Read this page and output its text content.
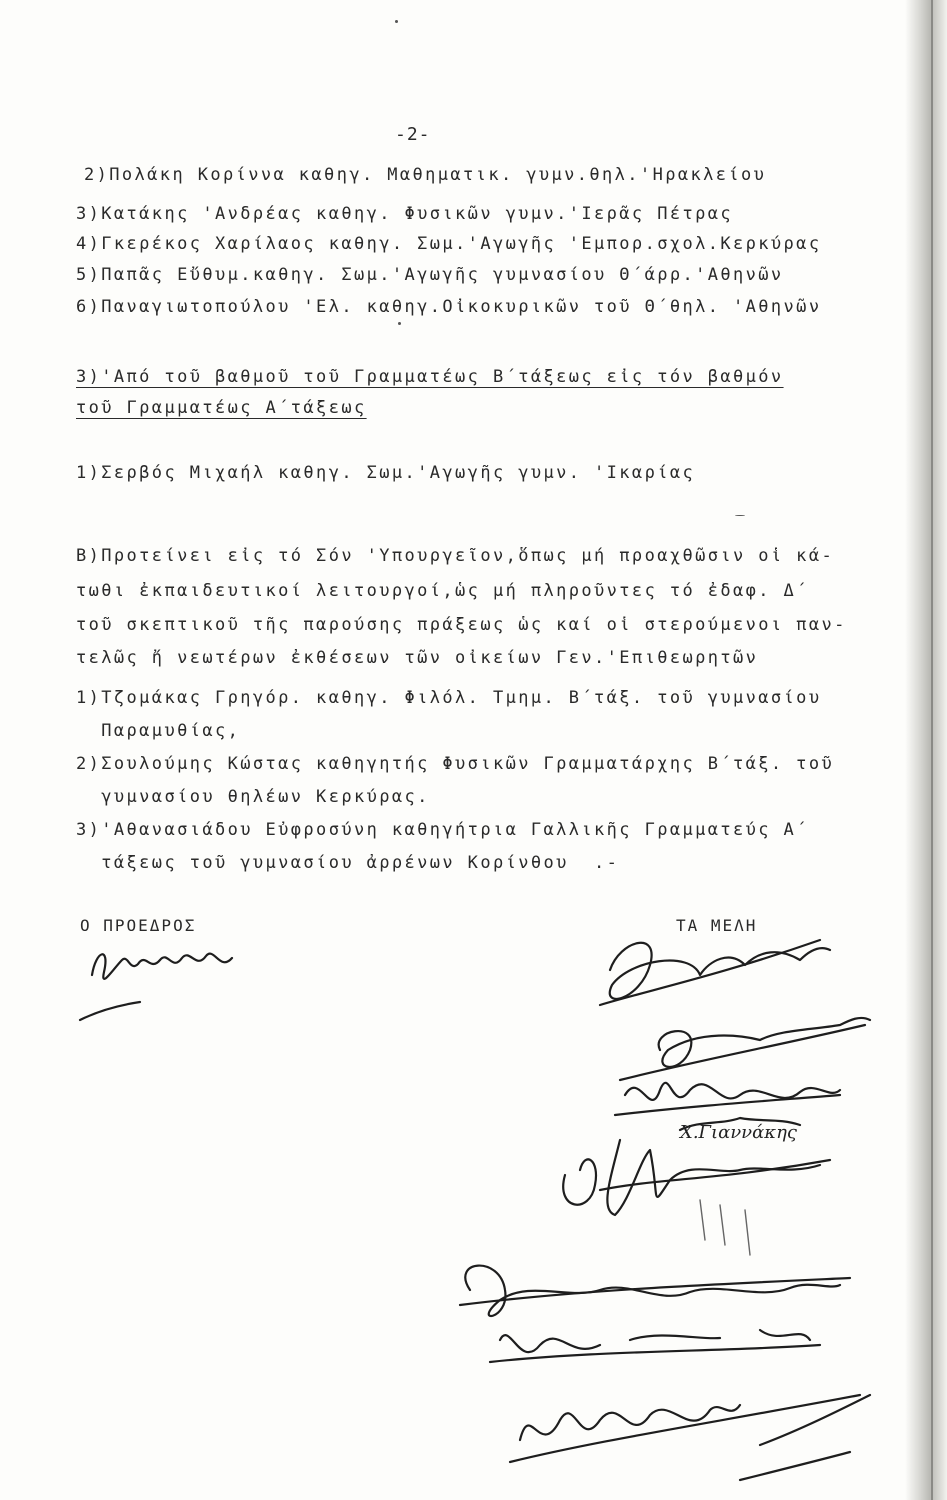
-2-
2)Πολάκη Κορίννα καθηγ. Μαθηματικ. γυμν.θηλ.'Ηρακλείου
3)Κατάκης 'Ανδρέας καθηγ. Φυσικῶν γυμν.'Ιερᾶς Πέτρας
4)Γκερέκος Χαρίλαος καθηγ. Σωμ.'Αγωγῆς 'Εμπορ.σχολ.Κερκύρας
5)Παπᾶς Εὔθυμ.καθηγ. Σωμ.'Αγωγῆς γυμνασίου Θ΄άρρ.'Αθηνῶν
6)Παναγιωτοπούλου 'Ελ. καθηγ.Οἰκοκυρικῶν τοῦ Θ΄θηλ. 'Αθηνῶν
3)'Από τοῦ βαθμοῦ τοῦ Γραμματέως Β΄τάξεως εἰς τόν βαθμόν
τοῦ Γραμματέως Α΄τάξεως
1)Σερβός Μιχαήλ καθηγ. Σωμ.'Αγωγῆς γυμν. 'Ικαρίας
Β)Προτείνει εἰς τό Σόν 'Υπουργεῖον,ὅπως μή προαχθῶσιν οἱ κά-
τωθι ἐκπαιδευτικοί λειτουργοί,ὡς μή πληροῦντες τό ἐδαφ. Δ΄
τοῦ σκεπτικοῦ τῆς παρούσης πράξεως ὡς καί οἱ στερούμενοι παν-
τελῶς ἤ νεωτέρων ἐκθέσεων τῶν οἰκείων Γεν.'Επιθεωρητῶν
1)Τζομάκας Γρηγόρ. καθηγ. Φιλόλ. Τμημ. Β΄τάξ. τοῦ γυμνασίου
Παραμυθίας,
2)Σουλούμης Κώστας καθηγητής Φυσικῶν Γραμματάρχης Β΄τάξ. τοῦ
γυμνασίου θηλέων Κερκύρας.
3)'Αθανασιάδου Εὐφροσύνη καθηγήτρια Γαλλικῆς Γραμματεύς Α΄
τάξεως τοῦ γυμνασίου ἀρρένων Κορίνθου  .-
Ο ΠΡΟΕΔΡΟΣ	ΤΑ ΜΕΛΗ
Χ.Γιαννάκης
